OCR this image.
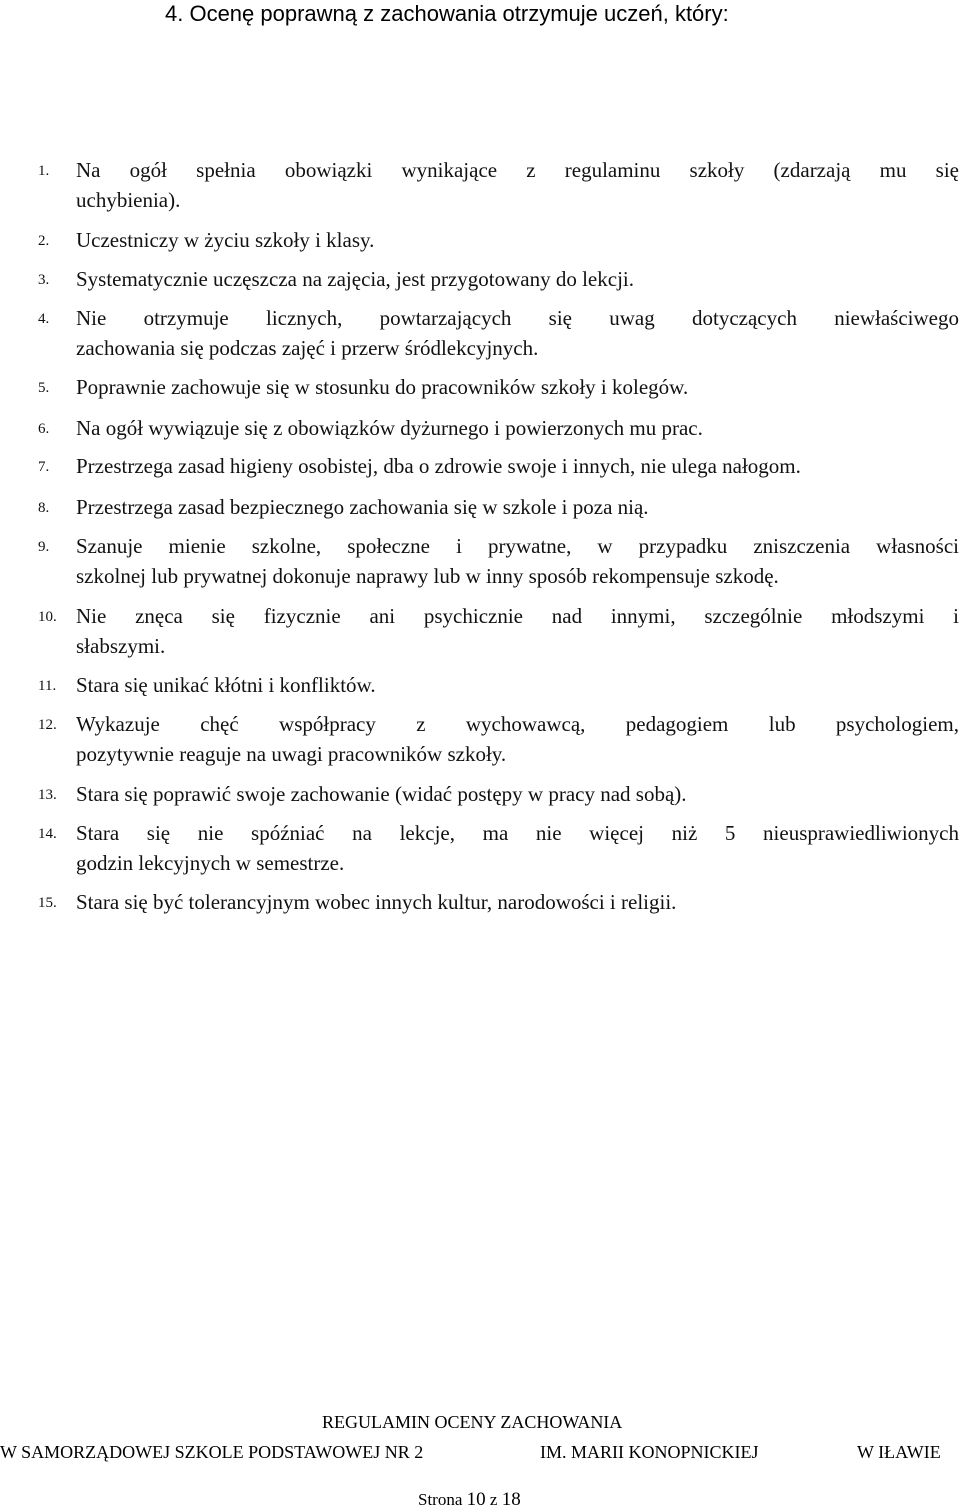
4. Ocenę poprawną z zachowania otrzymuje uczeń, który:
1. Na ogół spełnia obowiązki wynikające z regulaminu szkoły (zdarzają mu się
uchybienia).
2. Uczestniczy w życiu szkoły i klasy.
3. Systematycznie uczęszcza na zajęcia, jest przygotowany do lekcji.
4. Nie otrzymuje licznych, powtarzających się uwag dotyczących niewłaściwego
zachowania się podczas zajęć i przerw śródlekcyjnych.
5. Poprawnie zachowuje się w stosunku do pracowników szkoły i kolegów.
6. Na ogół wywiązuje się z obowiązków dyżurnego i powierzonych mu prac.
7. Przestrzega zasad higieny osobistej, dba o zdrowie swoje i innych, nie ulega nałogom.
8. Przestrzega zasad bezpiecznego zachowania się w szkole i poza nią.
9. Szanuje mienie szkolne, społeczne i prywatne, w przypadku zniszczenia własności
szkolnej lub prywatnej dokonuje naprawy lub w inny sposób rekompensuje szkodę.
10. Nie znęca się fizycznie ani psychicznie nad innymi, szczególnie młodszymi i
słabszymi.
11. Stara się unikać kłótni i konfliktów.
12. Wykazuje chęć współpracy z wychowawcą, pedagogiem lub psychologiem,
pozytywnie reaguje na uwagi pracowników szkoły.
13. Stara się poprawić swoje zachowanie (widać postępy w pracy nad sobą).
14. Stara się nie spóźniać na lekcje, ma nie więcej niż 5 nieusprawiedliwionych
godzin lekcyjnych w semestrze.
15. Stara się być tolerancyjnym wobec innych kultur, narodowości i religii.
REGULAMIN OCENY ZACHOWANIA
W SAMORZĄDOWEJ SZKOLE PODSTAWOWEJ NR 2	IM. MARII KONOPNICKIEJ	W IŁAWIE
Strona 10 z 18
